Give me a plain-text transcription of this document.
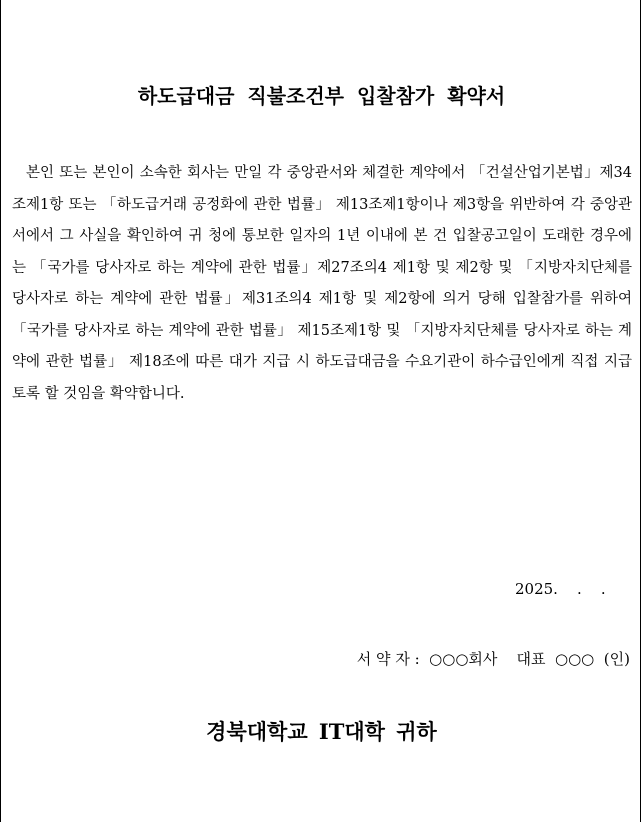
하도급대금 직불조건부 입찰참가 확약서

본인 또는 본인이 소속한 회사는 만일 각 중앙관서와 체결한 계약에서 「건설산업기본법」제34조제1항 또는 「하도급거래 공정화에 관한 법률」 제13조제1항이나 제3항을 위반하여 각 중앙관서에서 그 사실을 확인하여 귀 청에 통보한 일자의 1년 이내에 본 건 입찰공고일이 도래한 경우에는 「국가를 당사자로 하는 계약에 관한 법률」제27조의4 제1항 및 제2항 및 「지방자치단체를 당사자로 하는 계약에 관한 법률」제31조의4 제1항 및 제2항에 의거 당해 입찰참가를 위하여 「국가를 당사자로 하는 계약에 관한 법률」 제15조제1항 및 「지방자치단체를 당사자로 하는 계약에 관한 법률」 제18조에 따른 대가 지급 시 하도급대금을 수요기관이 하수급인에게 직접 지급토록 할 것임을 확약합니다.

2025.    .    .
서 약 자 :  ○○○회사    대표  ○○○  (인)
경북대학교 IT대학 귀하
